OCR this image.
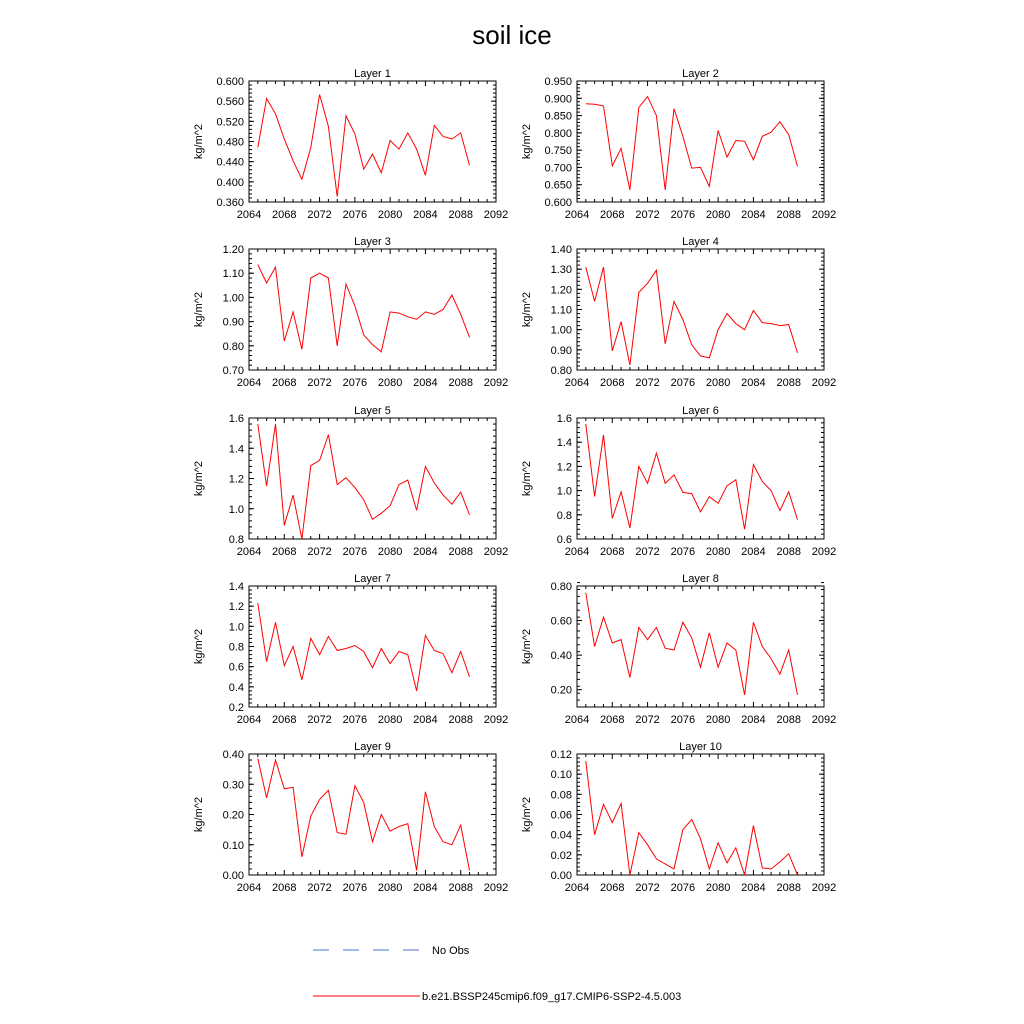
soil ice
Layer 1
kg/m^2
2064 2068 2072 2076 2080 2084 2088 2092
0.360
0.400
0.440
0.480
0.520
0.560
0.600
Layer 2
kg/m^2
2064 2068 2072 2076 2080 2084 2088 2092
0.600
0.650
0.700
0.750
0.800
0.850
0.900
0.950
Layer 3
kg/m^2
2064 2068 2072 2076 2080 2084 2088 2092
0.70
0.80
0.90
1.00
1.10
1.20
Layer 4
kg/m^2
2064 2068 2072 2076 2080 2084 2088 2092
0.80
0.90
1.00
1.10
1.20
1.30
1.40
Layer 5
kg/m^2
2064 2068 2072 2076 2080 2084 2088 2092
0.8
1.0
1.2
1.4
1.6
Layer 6
kg/m^2
2064 2068 2072 2076 2080 2084 2088 2092
0.6
0.8
1.0
1.2
1.4
1.6
Layer 7
kg/m^2
2064 2068 2072 2076 2080 2084 2088 2092
0.2
0.4
0.6
0.8
1.0
1.2
1.4
Layer 8
kg/m^2
2064 2068 2072 2076 2080 2084 2088 2092
0.20
0.40
0.60
0.80
Layer 9
kg/m^2
2064 2068 2072 2076 2080 2084 2088 2092
0.00
0.10
0.20
0.30
0.40
Layer 10
kg/m^2
2064 2068 2072 2076 2080 2084 2088 2092
0.00
0.02
0.04
0.06
0.08
0.10
0.12
No Obs
b.e21.BSSP245cmip6.f09_g17.CMIP6-SSP2-4.5.003
